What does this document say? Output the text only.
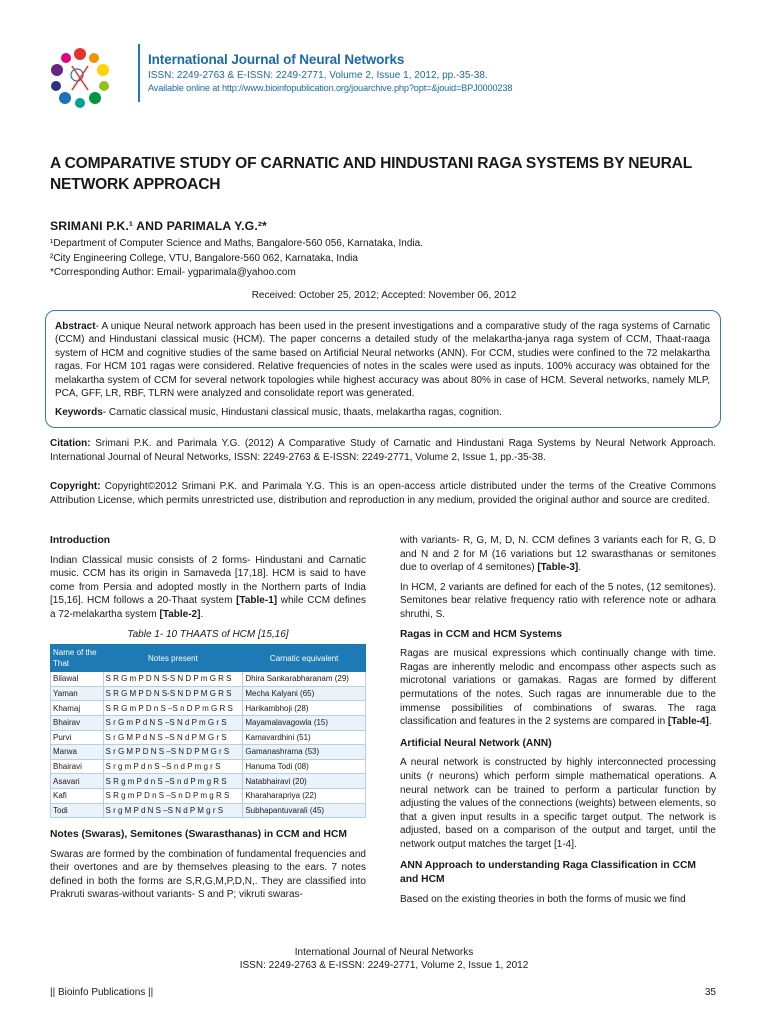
International Journal of Neural Networks
ISSN: 2249-2763 & E-ISSN: 2249-2771, Volume 2, Issue 1, 2012, pp.-35-38.
Available online at http://www.bioinfopublication.org/jouarchive.php?opt=&jouid=BPJ0000238
A COMPARATIVE STUDY OF CARNATIC AND HINDUSTANI RAGA SYSTEMS BY NEURAL NETWORK APPROACH
SRIMANI P.K.¹ AND PARIMALA Y.G.²*
¹Department of Computer Science and Maths, Bangalore-560 056, Karnataka, India.
²City Engineering College, VTU, Bangalore-560 062, Karnataka, India
*Corresponding Author: Email- ygparimala@yahoo.com
Received: October 25, 2012; Accepted: November 06, 2012
Abstract- A unique Neural network approach has been used in the present investigations and a comparative study of the raga systems of Carnatic (CCM) and Hindustani classical music (HCM). The paper concerns a detailed study of the melakartha-janya raga system of CCM, Thaat-raaga system of HCM and cognitive studies of the same based on Artificial Neural networks (ANN). For CCM, studies were confined to the 72 melakartha ragas. For HCM 101 ragas were considered. Relative frequencies of notes in the scales were used as inputs. 100% accuracy was obtained for the melakartha system of CCM for several network topologies while highest accuracy was about 80% in case of HCM. Several networks, namely MLP, PCA, GFF, LR, RBF, TLRN were analyzed and consolidate report was generated.
Keywords- Carnatic classical music, Hindustani classical music, thaats, melakartha ragas, cognition.
Citation: Srimani P.K. and Parimala Y.G. (2012) A Comparative Study of Carnatic and Hindustani Raga Systems by Neural Network Approach. International Journal of Neural Networks, ISSN: 2249-2763 & E-ISSN: 2249-2771, Volume 2, Issue 1, pp.-35-38.
Copyright: Copyright©2012 Srimani P.K. and Parimala Y.G. This is an open-access article distributed under the terms of the Creative Commons Attribution License, which permits unrestricted use, distribution and reproduction in any medium, provided the original author and source are credited.
Introduction
Indian Classical music consists of 2 forms- Hindustani and Carnatic music. CCM has its origin in Samaveda [17,18]. HCM is said to have come from Persia and adopted mostly in the Northern parts of India [15,16]. HCM follows a 20-Thaat system [Table-1] while CCM defines a 72-melakartha system [Table-2].
Table 1- 10 THAATS of HCM [15,16]
Name of the That	Notes present	Carnatic equivalent
Bilawal	S R G m P D N S-S N D P m G R S	Dhira Sankarabharanam (29)
Yaman	S R G M P D N S-S N D P M G R S	Mecha Kalyani (65)
Khamaj	S R G m P D n S –S n D P m G R S	Harikambhoji (28)
Bhairav	S r G m P d N S –S N d P m G r S	Mayamalavagowla (15)
Purvi	S r G M P d N S –S N d P M G r S	Kamavardhini (51)
Marwa	S r G M P D N S –S N D P M G r S	Gamanashrama (53)
Bhairavi	S r g m P d n S –S n d P m g r S	Hanuma Todi (08)
Asavari	S R g m P d n S –S n d P m g R S	Natabhairavi (20)
Kafi	S R g m P D n S –S n D P m g R S	Kharaharapriya (22)
Todi	S r g M P d N S –S N d P M g r S	Subhapantuvarali (45)
Notes (Swaras), Semitones (Swarasthanas) in CCM and HCM
Swaras are formed by the combination of fundamental frequencies and their overtones and are by themselves pleasing to the ears. 7 notes defined in both the forms are S,R,G,M,P,D,N,. They are classified into Prakruti swaras-without variants- S and P; vikruti swaras-
with variants- R, G, M, D, N. CCM defines 3 variants each for R, G, D and N and 2 for M (16 variations but 12 swarasthanas or semitones due to overlap of 4 semitones) [Table-3].
In HCM, 2 variants are defined for each of the 5 notes, (12 semitones). Semitones bear relative frequency ratio with reference note or adhara shruthi, S.
Ragas in CCM and HCM Systems
Ragas are musical expressions which continually change with time. Ragas are inherently melodic and encompass other aspects such as microtonal variations or gamakas. Ragas are formed by different permutations of the notes. Such ragas are innumerable due to the immense possibilities of combinations of swaras. The raga classification and features in the 2 systems are compared in [Table-4].
Artificial Neural Network (ANN)
A neural network is constructed by highly interconnected processing units (r neurons) which perform simple mathematical operations. A neural network can be trained to perform a particular function by adjusting the values of the connections (weights) between elements, so that a given input results in a specific target output. The network is adjusted, based on a comparison of the output and target, until the network output matches the target [1-4].
ANN Approach to understanding Raga Classification in CCM and HCM
Based on the existing theories in both the forms of music we find
International Journal of Neural Networks
ISSN: 2249-2763 & E-ISSN: 2249-2771, Volume 2, Issue 1, 2012
|| Bioinfo Publications ||	35
